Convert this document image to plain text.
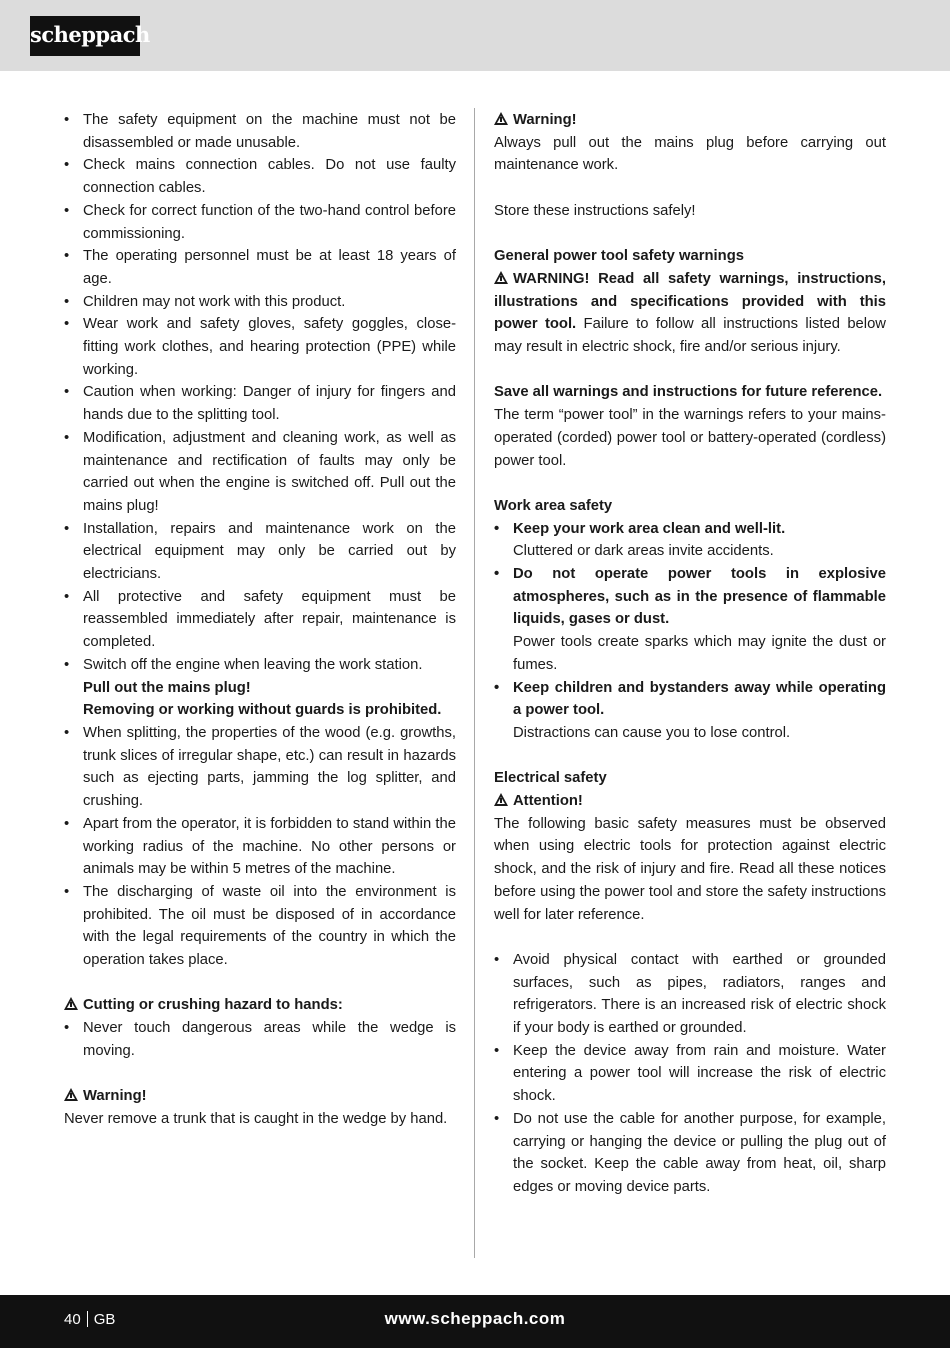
scheppach
• The safety equipment on the machine must not be disassembled or made unusable.
• Check mains connection cables. Do not use faulty connection cables.
• Check for correct function of the two-hand control before commissioning.
• The operating personnel must be at least 18 years of age.
• Children may not work with this product.
• Wear work and safety gloves, safety goggles, close-fitting work clothes, and hearing protection (PPE) while working.
• Caution when working: Danger of injury for fingers and hands due to the splitting tool.
• Modification, adjustment and cleaning work, as well as maintenance and rectification of faults may only be carried out when the engine is switched off. Pull out the mains plug!
• Installation, repairs and maintenance work on the electrical equipment may only be carried out by electricians.
• All protective and safety equipment must be reassembled immediately after repair, maintenance is completed.
• Switch off the engine when leaving the work station.
Pull out the mains plug!
Removing or working without guards is prohibited.
• When splitting, the properties of the wood (e.g. growths, trunk slices of irregular shape, etc.) can result in hazards such as ejecting parts, jamming the log splitter, and crushing.
• Apart from the operator, it is forbidden to stand within the working radius of the machine. No other persons or animals may be within 5 metres of the machine.
• The discharging of waste oil into the environment is prohibited. The oil must be disposed of in accordance with the legal requirements of the country in which the operation takes place.

Cutting or crushing hazard to hands:

• Never touch dangerous areas while the wedge is moving.

Warning!

Never remove a trunk that is caught in the wedge by hand.

Warning!

Always pull out the mains plug before carrying out maintenance work.

Store these instructions safely!

General power tool safety warnings

WARNING! Read all safety warnings, instructions, illustrations and specifications provided with this power tool. Failure to follow all instructions listed below may result in electric shock, fire and/or serious injury.

Save all warnings and instructions for future reference.

The term “power tool” in the warnings refers to your mains-operated (corded) power tool or battery-operated (cordless) power tool.

Work area safety

• Keep your work area clean and well-lit.
Cluttered or dark areas invite accidents.
• Do not operate power tools in explosive atmospheres, such as in the presence of flammable liquids, gases or dust.
Power tools create sparks which may ignite the dust or fumes.
• Keep children and bystanders away while operating a power tool.
Distractions can cause you to lose control.

Electrical safety

Attention!

The following basic safety measures must be observed when using electric tools for protection against electric shock, and the risk of injury and fire. Read all these notices before using the power tool and store the safety instructions well for later reference.

• Avoid physical contact with earthed or grounded surfaces, such as pipes, radiators, ranges and refrigerators. There is an increased risk of electric shock if your body is earthed or grounded.
• Keep the device away from rain and moisture. Water entering a power tool will increase the risk of electric shock.
• Do not use the cable for another purpose, for example, carrying or hanging the device or pulling the plug out of the socket. Keep the cable away from heat, oil, sharp edges or moving device parts.
40 GB	www.scheppach.com
